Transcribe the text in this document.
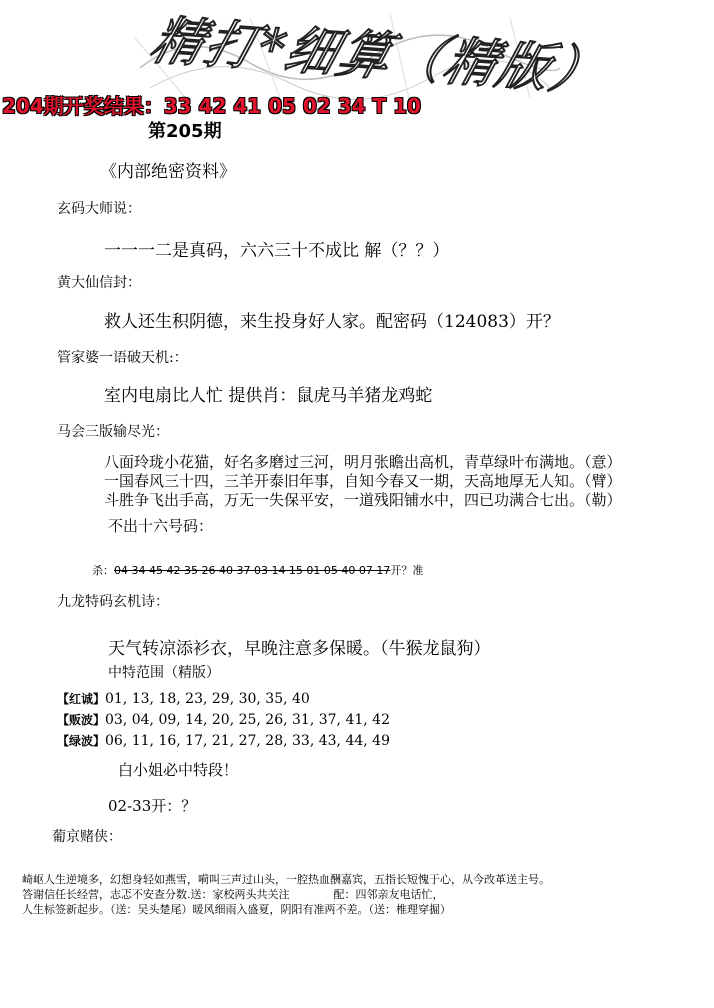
精打*细算（精版）
204期开奖结果：33 42 41 05 02 34 T 10
第205期
《内部绝密资料》
玄码大师说：
一一一二是真码，六六三十不成比 解（？？）
黄大仙信封：
救人还生积阴德，来生投身好人家。配密码（124083）开？
管家婆一语破天机:：
室内电扇比人忙 提供肖：鼠虎马羊猪龙鸡蛇
马会三版输尽光：
八面玲珑小花猫，好名多磨过三河，明月张瞻出高机，青草绿叶布满地。（意）
一国春风三十四，三羊开泰旧年事，自知今春又一期，天高地厚无人知。（臂）
斗胜争飞出手高，万无一失保平安，一道残阳铺水中，四已功满合七出。（勒）
不出十六号码：
杀：04 34 45 42 35 26 40 37 03 14 15 01 05 40 07 17开？准
九龙特码玄机诗：
天气转凉添衫衣，早晚注意多保暖。（牛猴龙鼠狗）
中特范围（精版）
【红诚】01, 13, 18, 23, 29, 30, 35, 40
【贩波】03, 04, 09, 14, 20, 25, 26, 31, 37, 41, 42
【绿波】06, 11, 16, 17, 21, 27, 28, 33, 43, 44, 49
白小姐必中特段！
02-33开：？
葡京赌侠：
崎岖人生逆境多，幻想身轻如燕雪，嗬叫三声过山头，一腔热血酬嘉宾，五指长短愧于心，从今改革送主号。
答谢信任长经营，志忑不安查分数.送：家校两头共关注　　　　配：四邻亲友电话忙，
人生标签新起步。（送：吴头楚尾）暖风细雨入盛夏，阴阳有准两不差。（送：椎理穿掘）
